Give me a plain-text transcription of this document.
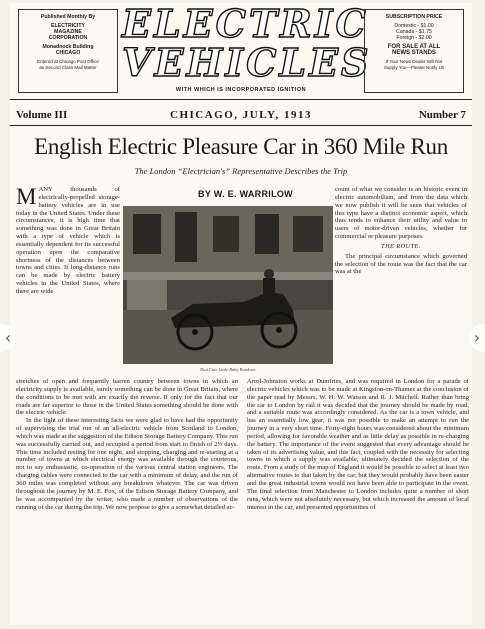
Published Monthly By
ELECTRICITY
MAGAZINE
CORPORATION
Monadnock Building
CHICAGO
Entered at Chicago Post Office
as Second Class Mail Matter
ELECTRIC
VEHICLES
WITH WHICH IS INCORPORATED IGNITION
SUBSCRIPTION PRICE
Domestic - $1.00
Canada - $1.75
Foreign - $2.00
FOR SALE AT ALL
NEWS STANDS
If Your News Dealer Will Not
Supply You—Please Notify Us
Volume III	CHICAGO, JULY, 1913	Number 7
English Electric Pleasure Car in 360 Mile Run
The London “Electrician's” Representative Describes the Trip
BY W. E. WARRILOW
MANY thousands of electrically-propelled storage-battery vehicles are in use today in the United States. Under these circumstances, it is high time that something was done in Great Britain with a type of vehicle which is essentially dependent for its successful operation upon the comparative shortness of the distances between towns and cities. If long-distance runs can be made by electric battery vehicles in the United States, where there are wide
That Cute Little Baby Roadster.
count of what we consider is an historic event in electric automobilism, and from the data which we now publish it will be seen that vehicles of this type have a distinct economic aspect, which thus tends to enhance their utility and value to users of motor-driven vehicles, whether for commercial or pleasure purposes.
THE ROUTE.
The principal circumstance which governed the selection of the route was the fact that the car was at the
stretches of open and frequently barren country between towns in which an electricity supply is available, surely something can be done in Great Britain, where the conditions to be met with are exactly the reverse. If only for the fact that our roads are far superior to those in the United States something should be done with the electric vehicle.
In the light of these interesting facts we were glad to have had the opportunity of supervising the trial run of an all-electric vehicle from Scotland to London, which was made at the suggestion of the Edison Storage Battery Company. This run was successfully carried out, and occupied a period from start to finish of 2½ days. This time included resting for one night, and stopping, charging and re-starting at a number of towns at which electrical energy was available through the courteous, not to say enthusiastic, co-operation of the various central station engineers. The charging cables were connected to the car with a minimum of delay, and the run of 360 miles was completed without any breakdown whatever. The car was driven throughout the journey by M. E. Fox, of the Edison Storage Battery Company, and he was accompanied by the writer, who made a number of observations of the running of the car during the trip. We now propose to give a somewhat detailed ac-
Arrol-Johnston works at Dumfries, and was required in London for a parade of electric vehicles which was to be made at Kingston-on-Thames at the conclusion of the paper read by Messrs. W. H. W. Watson and R. J. Mitchell. Rather than bring the car to London by rail it was decided that the journey should be made by road, and a suitable route was accordingly considered. As the car is a town vehicle, and has an essentially low gear, it was not possible to make an attempt to run the journey in a very short time. Forty-eight hours was considered about the minimum period, allowing for favorable weather and as little delay as possible in re-charging the battery. The importance of the event suggested that every advantage should be taken of its advertising value, and this fact, coupled with the necessity for selecting towns in which a supply was available, ultimately decided the selection of the route. From a study of the map of England it would be possible to select at least two alternative routes to that taken by the car, but they would probably have been easier and the great industrial towns would not have been able to participate in the event. The final selection from Manchester to London includes quite a number of short runs, which were not absolutely necessary, but which increased the amount of local interest in the car, and presented opportunities of
‹	›
